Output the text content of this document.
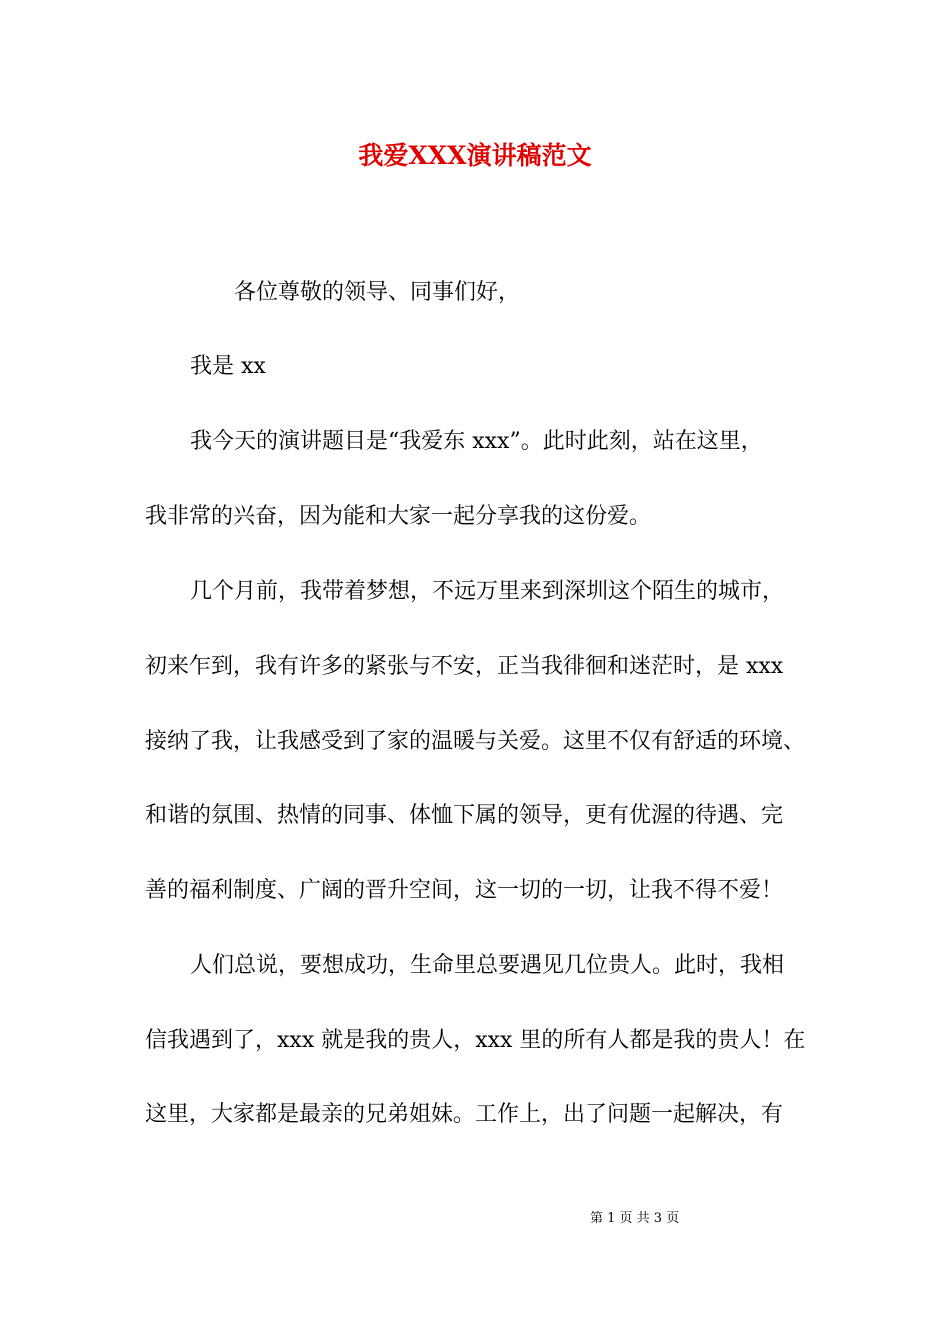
我爱XXX演讲稿范文
各位尊敬的领导、同事们好，
我是 xx
我今天的演讲题目是“我爱东 xxx”。此时此刻，站在这里，
我非常的兴奋，因为能和大家一起分享我的这份爱。
几个月前，我带着梦想，不远万里来到深圳这个陌生的城市，
初来乍到，我有许多的紧张与不安，正当我徘徊和迷茫时，是 xxx
接纳了我，让我感受到了家的温暖与关爱。这里不仅有舒适的环境、
和谐的氛围、热情的同事、体恤下属的领导，更有优渥的待遇、完
善的福利制度、广阔的晋升空间，这一切的一切，让我不得不爱！
人们总说，要想成功，生命里总要遇见几位贵人。此时，我相
信我遇到了，xxx 就是我的贵人，xxx 里的所有人都是我的贵人！在
这里，大家都是最亲的兄弟姐妹。工作上，出了问题一起解决，有
第 1 页 共 3 页
